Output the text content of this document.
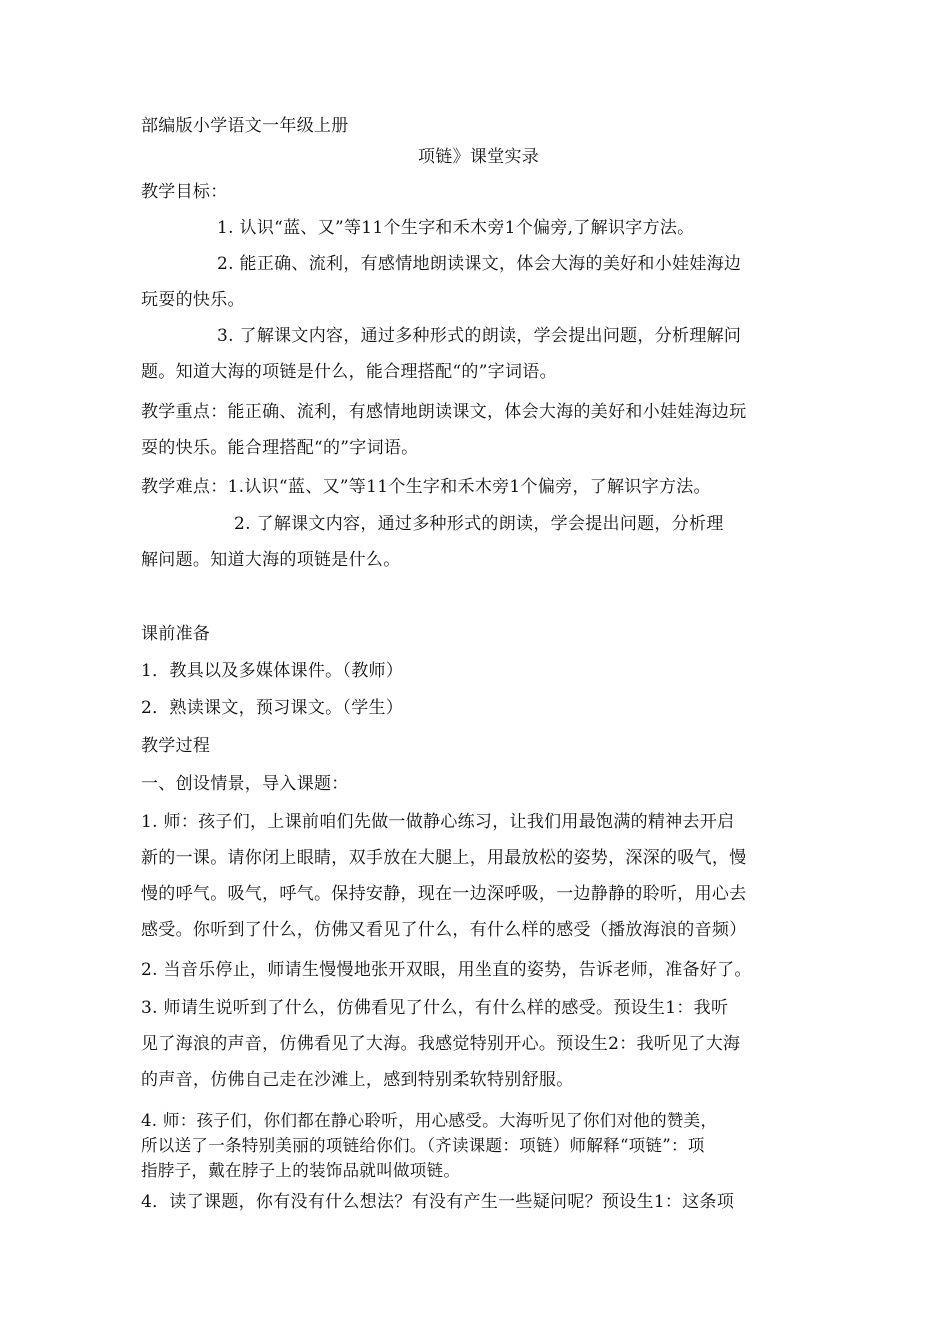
部编版小学语文一年级上册
项链》课堂实录
教学目标：
1. 认识“蓝、又”等11个生字和禾木旁1个偏旁,了解识字方法。
2. 能正确、流利，有感情地朗读课文，体会大海的美好和小娃娃海边
玩耍的快乐。
3. 了解课文内容，通过多种形式的朗读，学会提出问题，分析理解问
题。知道大海的项链是什么，能合理搭配“的”字词语。
教学重点：能正确、流利，有感情地朗读课文，体会大海的美好和小娃娃海边玩
耍的快乐。能合理搭配“的”字词语。
教学难点：1.认识“蓝、又”等11个生字和禾木旁1个偏旁，了解识字方法。
2. 了解课文内容，通过多种形式的朗读，学会提出问题，分析理
解问题。知道大海的项链是什么。
课前准备
1．教具以及多媒体课件。（教师）
2．熟读课文，预习课文。（学生）
教学过程
一、创设情景，导入课题：
1. 师：孩子们，上课前咱们先做一做静心练习，让我们用最饱满的精神去开启
新的一课。请你闭上眼睛，双手放在大腿上，用最放松的姿势，深深的吸气，慢
慢的呼气。吸气，呼气。保持安静，现在一边深呼吸，一边静静的聆听，用心去
感受。你听到了什么，仿佛又看见了什么，有什么样的感受（播放海浪的音频）
2. 当音乐停止，师请生慢慢地张开双眼，用坐直的姿势，告诉老师，准备好了。
3. 师请生说听到了什么，仿佛看见了什么，有什么样的感受。预设生1：我听
见了海浪的声音，仿佛看见了大海。我感觉特别开心。预设生2：我听见了大海
的声音，仿佛自己走在沙滩上，感到特别柔软特别舒服。
4. 师：孩子们，你们都在静心聆听，用心感受。大海听见了你们对他的赞美，
所以送了一条特别美丽的项链给你们。（齐读课题：项链）师解释“项链”：项
指脖子，戴在脖子上的装饰品就叫做项链。
4．读了课题，你有没有什么想法？有没有产生一些疑问呢？预设生1：这条项
